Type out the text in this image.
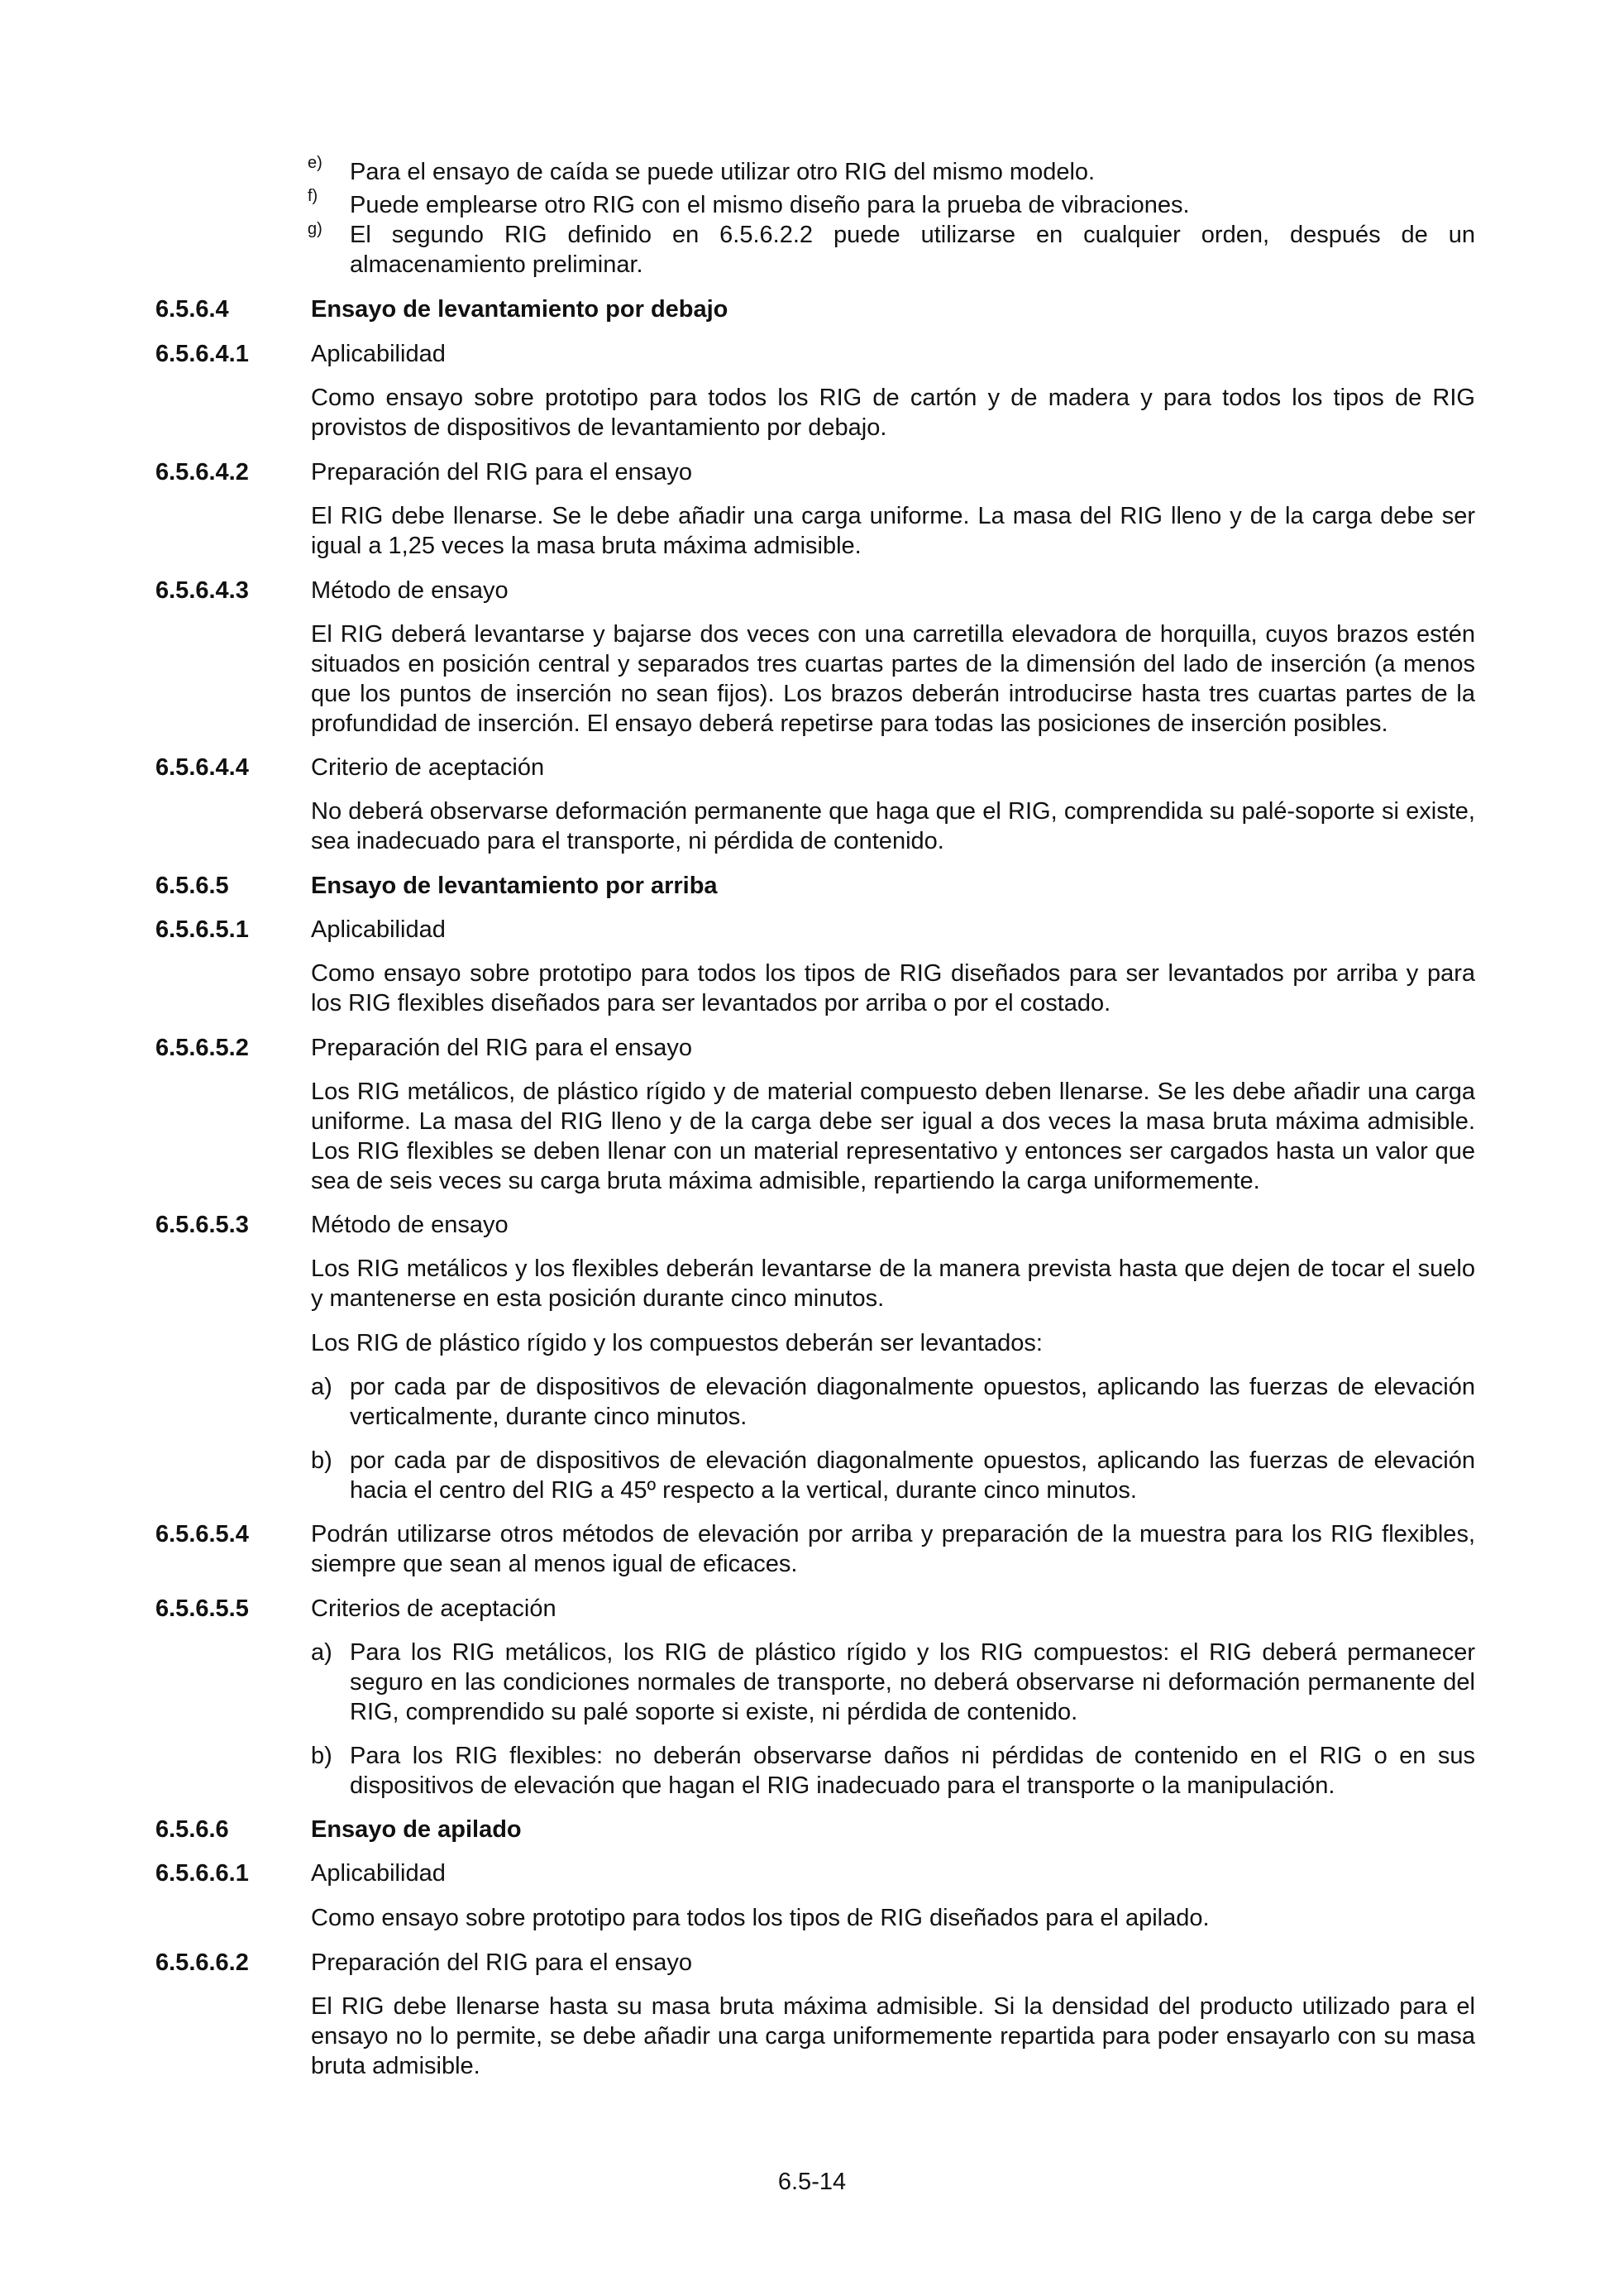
e) Para el ensayo de caída se puede utilizar otro RIG del mismo modelo.
f) Puede emplearse otro RIG con el mismo diseño para la prueba de vibraciones.
g) El segundo RIG definido en 6.5.6.2.2 puede utilizarse en cualquier orden, después de un almacenamiento preliminar.
6.5.6.4	Ensayo de levantamiento por debajo
6.5.6.4.1	Aplicabilidad
Como ensayo sobre prototipo para todos los RIG de cartón y de madera y para todos los tipos de RIG provistos de dispositivos de levantamiento por debajo.
6.5.6.4.2	Preparación del RIG para el ensayo
El RIG debe llenarse. Se le debe añadir una carga uniforme. La masa del RIG lleno y de la carga debe ser igual a 1,25 veces la masa bruta máxima admisible.
6.5.6.4.3	Método de ensayo
El RIG deberá levantarse y bajarse dos veces con una carretilla elevadora de horquilla, cuyos brazos estén situados en posición central y separados tres cuartas partes de la dimensión del lado de inserción (a menos que los puntos de inserción no sean fijos). Los brazos deberán introducirse hasta tres cuartas partes de la profundidad de inserción. El ensayo deberá repetirse para todas las posiciones de inserción posibles.
6.5.6.4.4	Criterio de aceptación
No deberá observarse deformación permanente que haga que el RIG, comprendida su palé-soporte si existe, sea inadecuado para el transporte, ni pérdida de contenido.
6.5.6.5	Ensayo de levantamiento por arriba
6.5.6.5.1	Aplicabilidad
Como ensayo sobre prototipo para todos los tipos de RIG diseñados para ser levantados por arriba y para los RIG flexibles diseñados para ser levantados por arriba o por el costado.
6.5.6.5.2	Preparación del RIG para el ensayo
Los RIG metálicos, de plástico rígido y de material compuesto deben llenarse. Se les debe añadir una carga uniforme. La masa del RIG lleno y de la carga debe ser igual a dos veces la masa bruta máxima admisible. Los RIG flexibles se deben llenar con un material representativo y entonces ser cargados hasta un valor que sea de seis veces su carga bruta máxima admisible, repartiendo la carga uniformemente.
6.5.6.5.3	Método de ensayo
Los RIG metálicos y los flexibles deberán levantarse de la manera prevista hasta que dejen de tocar el suelo y mantenerse en esta posición durante cinco minutos.
Los RIG de plástico rígido y los compuestos deberán ser levantados:
a) por cada par de dispositivos de elevación diagonalmente opuestos, aplicando las fuerzas de elevación verticalmente, durante cinco minutos.
b) por cada par de dispositivos de elevación diagonalmente opuestos, aplicando las fuerzas de elevación hacia el centro del RIG a 45º respecto a la vertical, durante cinco minutos.
6.5.6.5.4	Podrán utilizarse otros métodos de elevación por arriba y preparación de la muestra para los RIG flexibles, siempre que sean al menos igual de eficaces.
6.5.6.5.5	Criterios de aceptación
a) Para los RIG metálicos, los RIG de plástico rígido y los RIG compuestos: el RIG deberá permanecer seguro en las condiciones normales de transporte, no deberá observarse ni deformación permanente del RIG, comprendido su palé soporte si existe, ni pérdida de contenido.
b) Para los RIG flexibles: no deberán observarse daños ni pérdidas de contenido en el RIG o en sus dispositivos de elevación que hagan el RIG inadecuado para el transporte o la manipulación.
6.5.6.6	Ensayo de apilado
6.5.6.6.1	Aplicabilidad
Como ensayo sobre prototipo para todos los tipos de RIG diseñados para el apilado.
6.5.6.6.2	Preparación del RIG para el ensayo
El RIG debe llenarse hasta su masa bruta máxima admisible. Si la densidad del producto utilizado para el ensayo no lo permite, se debe añadir una carga uniformemente repartida para poder ensayarlo con su masa bruta admisible.
6.5-14
